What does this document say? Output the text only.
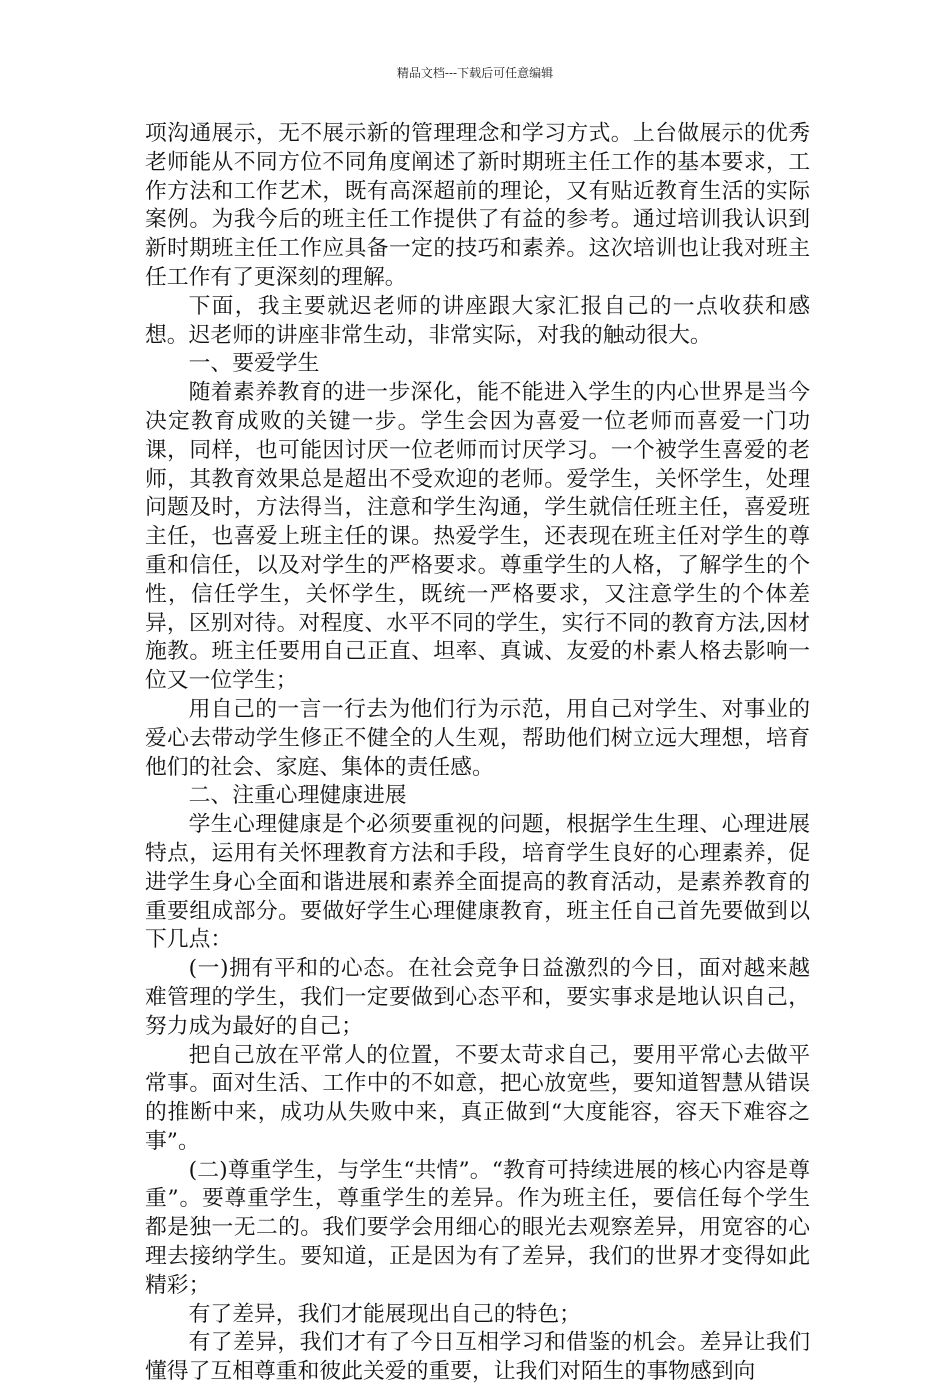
精品文档---下载后可任意编辑

项沟通展示，无不展示新的管理理念和学习方式。上台做展示的优秀老师能从不同方位不同角度阐述了新时期班主任工作的基本要求，工作方法和工作艺术，既有高深超前的理论，又有贴近教育生活的实际案例。为我今后的班主任工作提供了有益的参考。通过培训我认识到新时期班主任工作应具备一定的技巧和素养。这次培训也让我对班主任工作有了更深刻的理解。

下面，我主要就迟老师的讲座跟大家汇报自己的一点收获和感想。迟老师的讲座非常生动，非常实际，对我的触动很大。

一、要爱学生

随着素养教育的进一步深化，能不能进入学生的内心世界是当今决定教育成败的关键一步。学生会因为喜爱一位老师而喜爱一门功课，同样，也可能因讨厌一位老师而讨厌学习。一个被学生喜爱的老师，其教育效果总是超出不受欢迎的老师。爱学生，关怀学生，处理问题及时，方法得当，注意和学生沟通，学生就信任班主任，喜爱班主任，也喜爱上班主任的课。热爱学生，还表现在班主任对学生的尊重和信任，以及对学生的严格要求。尊重学生的人格，了解学生的个性，信任学生，关怀学生，既统一严格要求，又注意学生的个体差异，区别对待。对程度、水平不同的学生，实行不同的教育方法,因材施教。班主任要用自己正直、坦率、真诚、友爱的朴素人格去影响一位又一位学生；

用自己的一言一行去为他们行为示范，用自己对学生、对事业的爱心去带动学生修正不健全的人生观，帮助他们树立远大理想，培育他们的社会、家庭、集体的责任感。

二、注重心理健康进展

学生心理健康是个必须要重视的问题，根据学生生理、心理进展特点，运用有关怀理教育方法和手段，培育学生良好的心理素养，促进学生身心全面和谐进展和素养全面提高的教育活动，是素养教育的重要组成部分。要做好学生心理健康教育，班主任自己首先要做到以下几点：

(一)拥有平和的心态。在社会竞争日益激烈的今日，面对越来越难管理的学生，我们一定要做到心态平和，要实事求是地认识自己，努力成为最好的自己；

把自己放在平常人的位置，不要太苛求自己，要用平常心去做平常事。面对生活、工作中的不如意，把心放宽些，要知道智慧从错误的推断中来，成功从失败中来，真正做到“大度能容，容天下难容之事”。

(二)尊重学生，与学生“共情”。“教育可持续进展的核心内容是尊重”。要尊重学生，尊重学生的差异。作为班主任，要信任每个学生都是独一无二的。我们要学会用细心的眼光去观察差异，用宽容的心理去接纳学生。要知道，正是因为有了差异，我们的世界才变得如此精彩；

有了差异，我们才能展现出自己的特色；

有了差异，我们才有了今日互相学习和借鉴的机会。差异让我们懂得了互相尊重和彼此关爱的重要，让我们对陌生的事物感到向
